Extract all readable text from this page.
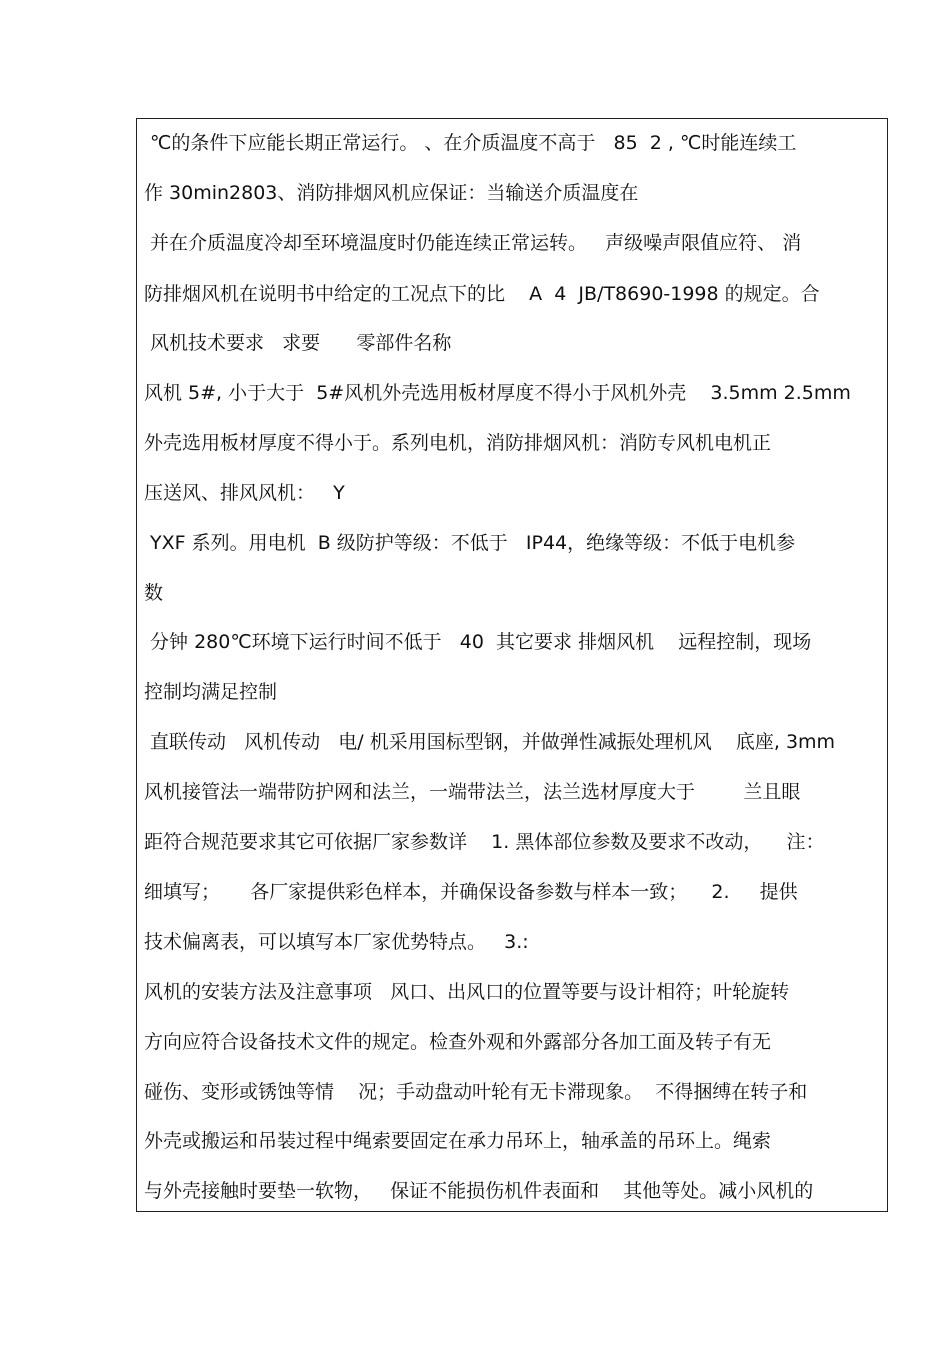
℃的条件下应能长期正常运行。 、在介质温度不高于   85  2 , ℃时能连续工
作 30min2803、消防排烟风机应保证：当输送介质温度在
并在介质温度冷却至环境温度时仍能连续正常运转。   声级噪声限值应符、 消
防排烟风机在说明书中给定的工况点下的比    A  4  JB/T8690-1998 的规定。合
风机技术要求   求要      零部件名称
风机 5#, 小于大于  5#风机外壳选用板材厚度不得小于风机外壳    3.5mm 2.5mm
外壳选用板材厚度不得小于。系列电机，消防排烟风机：消防专风机电机正
压送风、排风风机：   Y
YXF 系列。用电机  B 级防护等级：不低于   IP44，绝缘等级：不低于电机参
数
分钟 280℃环境下运行时间不低于   40  其它要求 排烟风机    远程控制，现场
控制均满足控制
直联传动   风机传动   电/ 机采用国标型钢，并做弹性减振处理机风    底座, 3mm
风机接管法一端带防护网和法兰，一端带法兰，法兰选材厚度大于        兰且眼
距符合规范要求其它可依据厂家参数详    1. 黑体部位参数及要求不改动，    注：
细填写；     各厂家提供彩色样本，并确保设备参数与样本一致；    2.     提供
技术偏离表，可以填写本厂家优势特点。   3.:
风机的安装方法及注意事项   风口、出风口的位置等要与设计相符；叶轮旋转
方向应符合设备技术文件的规定。检查外观和外露部分各加工面及转子有无
碰伤、变形或锈蚀等情    况；手动盘动叶轮有无卡滞现象。  不得捆缚在转子和
外壳或搬运和吊装过程中绳索要固定在承力吊环上，轴承盖的吊环上。绳索
与外壳接触时要垫一软物，   保证不能损伤机件表面和    其他等处。减小风机的
